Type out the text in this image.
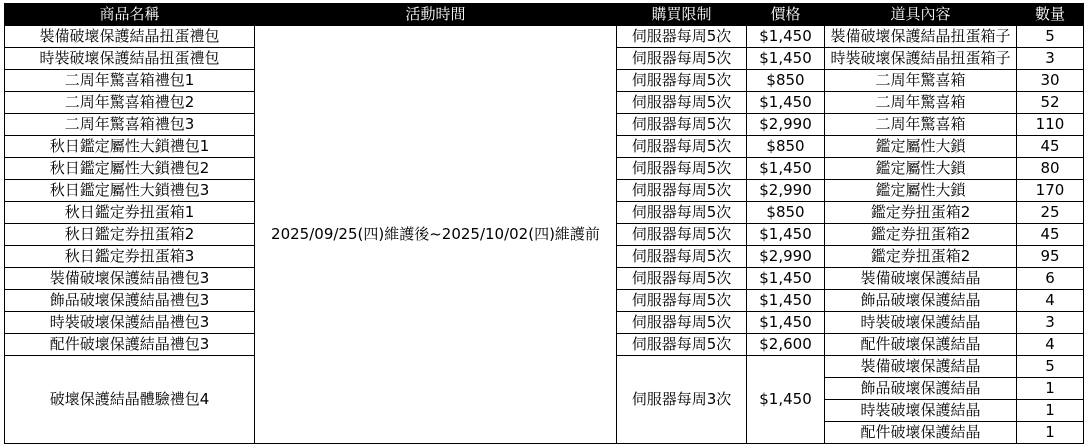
商品名稱	活動時間	購買限制	價格	道具內容	數量
裝備破壞保護結晶扭蛋禮包	2025/09/25(四)維護後~2025/10/02(四)維護前	伺服器每周5次	$1,450	裝備破壞保護結晶扭蛋箱子	5
時裝破壞保護結晶扭蛋禮包		伺服器每周5次	$1,450	時裝破壞保護結晶扭蛋箱子	3
二周年驚喜箱禮包1		伺服器每周5次	$850	二周年驚喜箱	30
二周年驚喜箱禮包2		伺服器每周5次	$1,450	二周年驚喜箱	52
二周年驚喜箱禮包3		伺服器每周5次	$2,990	二周年驚喜箱	110
秋日鑑定屬性大鎖禮包1		伺服器每周5次	$850	鑑定屬性大鎖	45
秋日鑑定屬性大鎖禮包2		伺服器每周5次	$1,450	鑑定屬性大鎖	80
秋日鑑定屬性大鎖禮包3		伺服器每周5次	$2,990	鑑定屬性大鎖	170
秋日鑑定券扭蛋箱1		伺服器每周5次	$850	鑑定券扭蛋箱2	25
秋日鑑定券扭蛋箱2		伺服器每周5次	$1,450	鑑定券扭蛋箱2	45
秋日鑑定券扭蛋箱3		伺服器每周5次	$2,990	鑑定券扭蛋箱2	95
裝備破壞保護結晶禮包3		伺服器每周5次	$1,450	裝備破壞保護結晶	6
飾品破壞保護結晶禮包3		伺服器每周5次	$1,450	飾品破壞保護結晶	4
時裝破壞保護結晶禮包3		伺服器每周5次	$1,450	時裝破壞保護結晶	3
配件破壞保護結晶禮包3		伺服器每周5次	$2,600	配件破壞保護結晶	4
破壞保護結晶體驗禮包4		伺服器每周3次	$1,450	裝備破壞保護結晶	5
				飾品破壞保護結晶	1
				時裝破壞保護結晶	1
				配件破壞保護結晶	1
